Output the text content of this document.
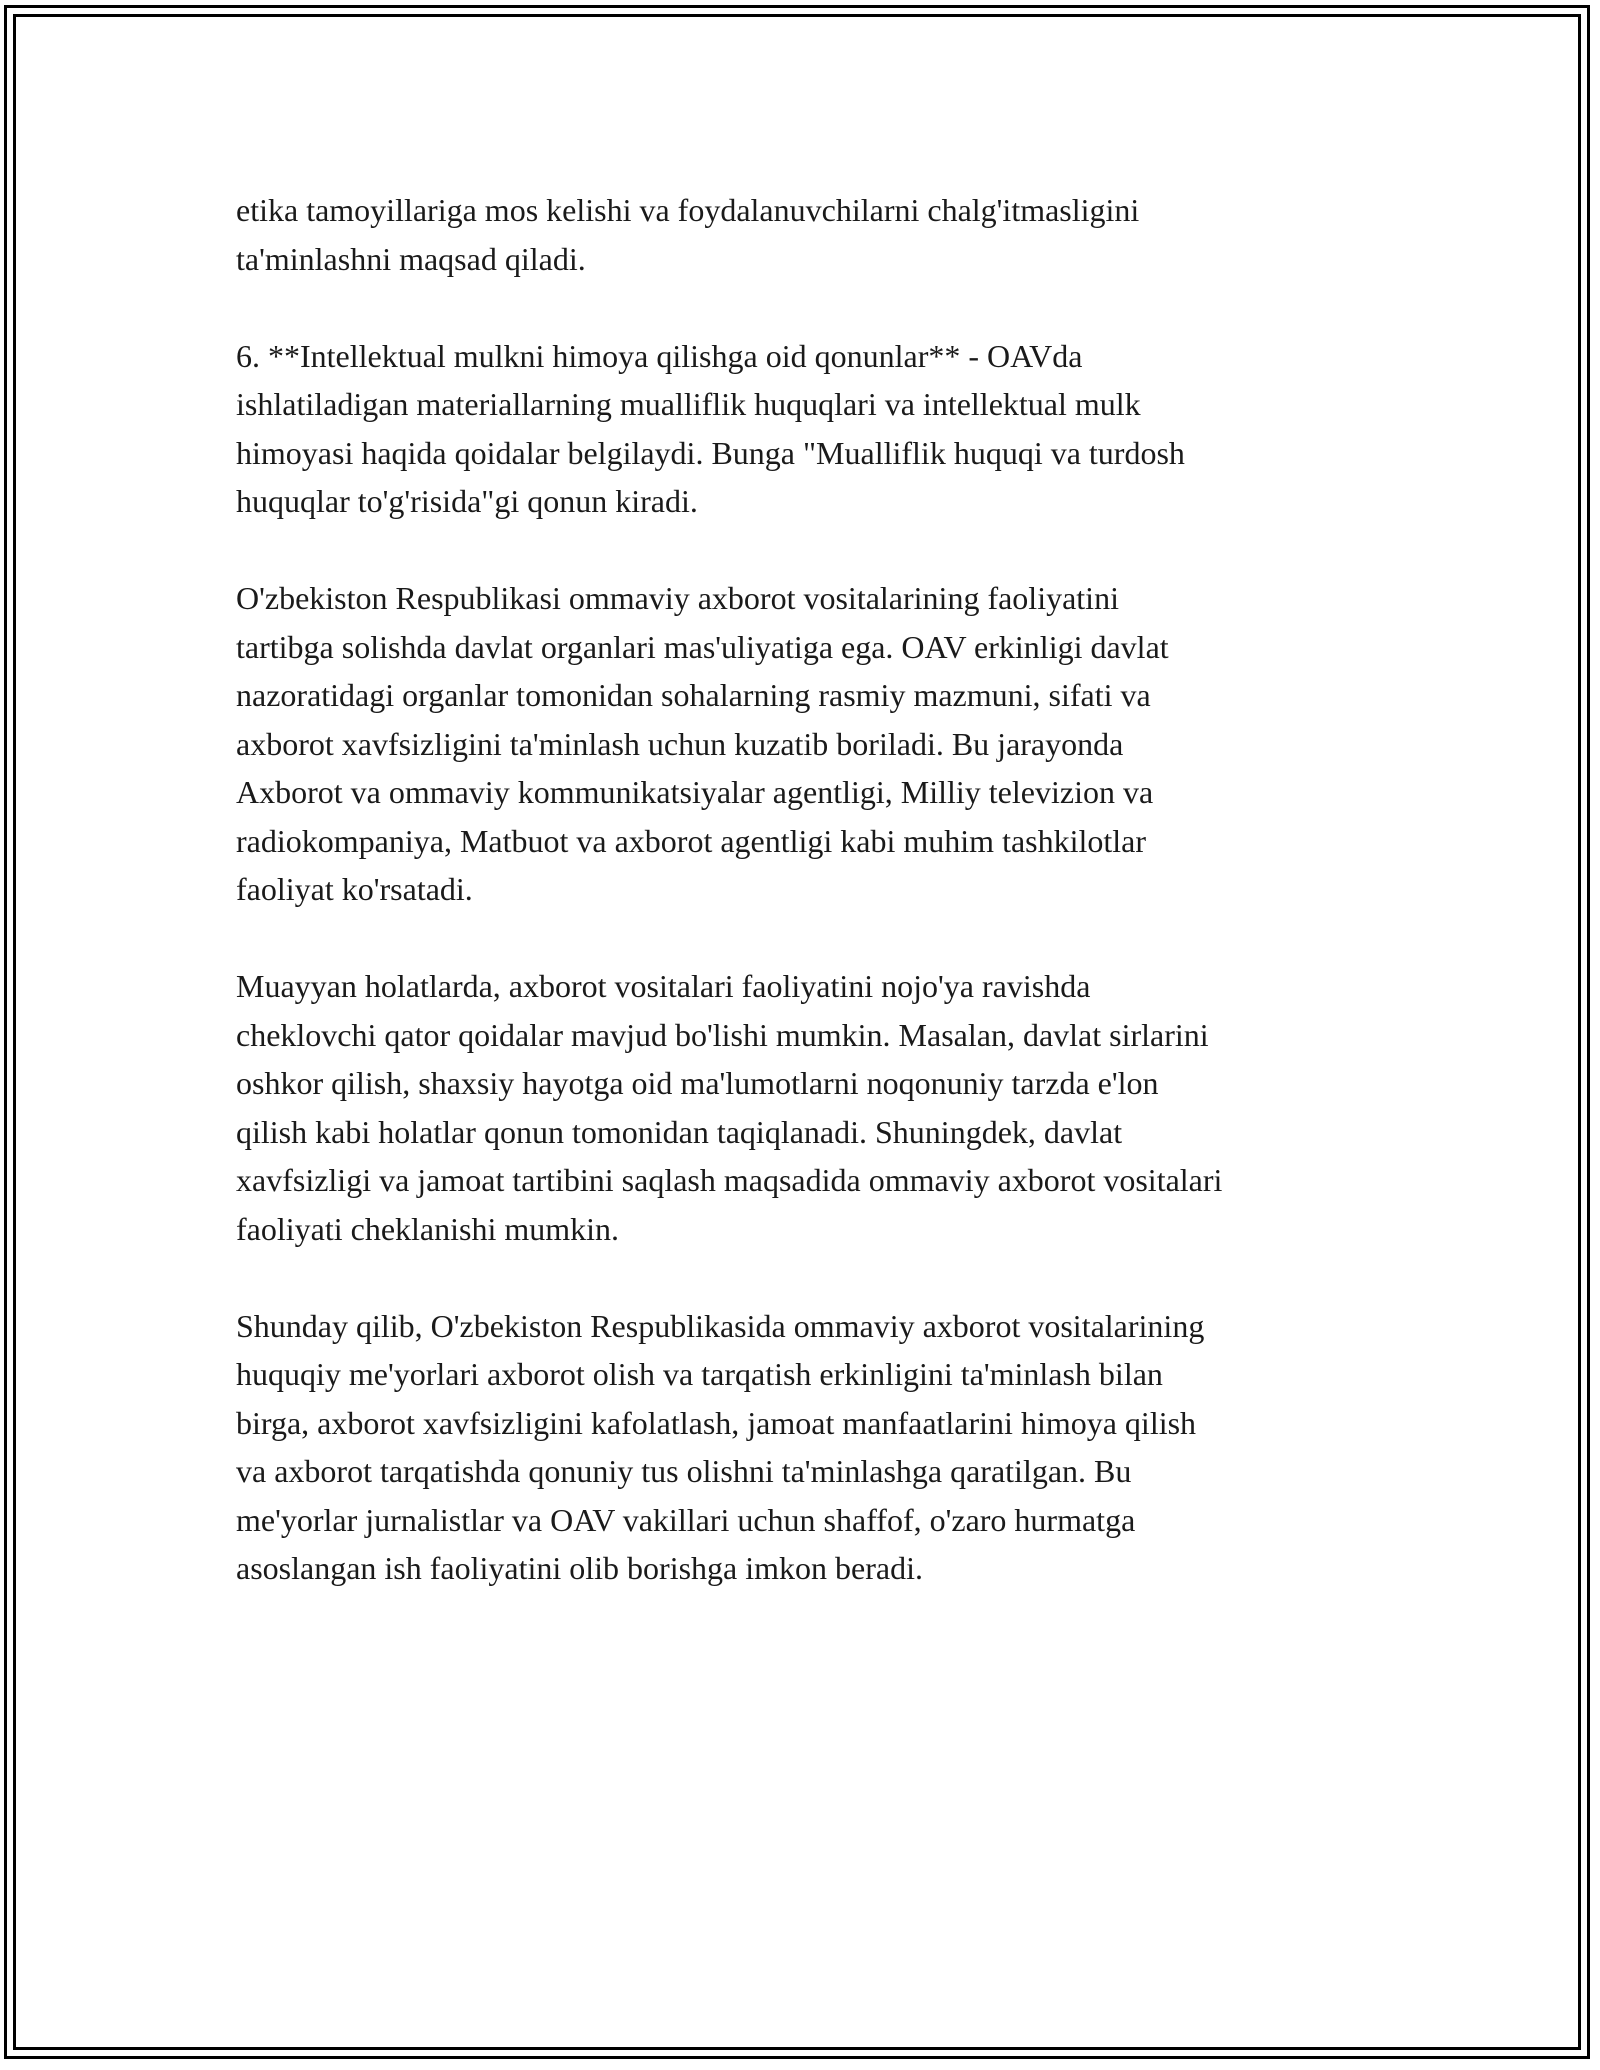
etika tamoyillariga mos kelishi va foydalanuvchilarni chalg'itmasligini
ta'minlashni maqsad qiladi.

6. **Intellektual mulkni himoya qilishga oid qonunlar** - OAVda
ishlatiladigan materiallarning mualliflik huquqlari va intellektual mulk
himoyasi haqida qoidalar belgilaydi. Bunga "Mualliflik huquqi va turdosh
huquqlar to'g'risida"gi qonun kiradi.

O'zbekiston Respublikasi ommaviy axborot vositalarining faoliyatini
tartibga solishda davlat organlari mas'uliyatiga ega. OAV erkinligi davlat
nazoratidagi organlar tomonidan sohalarning rasmiy mazmuni, sifati va
axborot xavfsizligini ta'minlash uchun kuzatib boriladi. Bu jarayonda
Axborot va ommaviy kommunikatsiyalar agentligi, Milliy televizion va
radiokompaniya, Matbuot va axborot agentligi kabi muhim tashkilotlar
faoliyat ko'rsatadi.

Muayyan holatlarda, axborot vositalari faoliyatini nojo'ya ravishda
cheklovchi qator qoidalar mavjud bo'lishi mumkin. Masalan, davlat sirlarini
oshkor qilish, shaxsiy hayotga oid ma'lumotlarni noqonuniy tarzda e'lon
qilish kabi holatlar qonun tomonidan taqiqlanadi. Shuningdek, davlat
xavfsizligi va jamoat tartibini saqlash maqsadida ommaviy axborot vositalari
faoliyati cheklanishi mumkin.

Shunday qilib, O'zbekiston Respublikasida ommaviy axborot vositalarining
huquqiy me'yorlari axborot olish va tarqatish erkinligini ta'minlash bilan
birga, axborot xavfsizligini kafolatlash, jamoat manfaatlarini himoya qilish
va axborot tarqatishda qonuniy tus olishni ta'minlashga qaratilgan. Bu
me'yorlar jurnalistlar va OAV vakillari uchun shaffof, o'zaro hurmatga
asoslangan ish faoliyatini olib borishga imkon beradi.
